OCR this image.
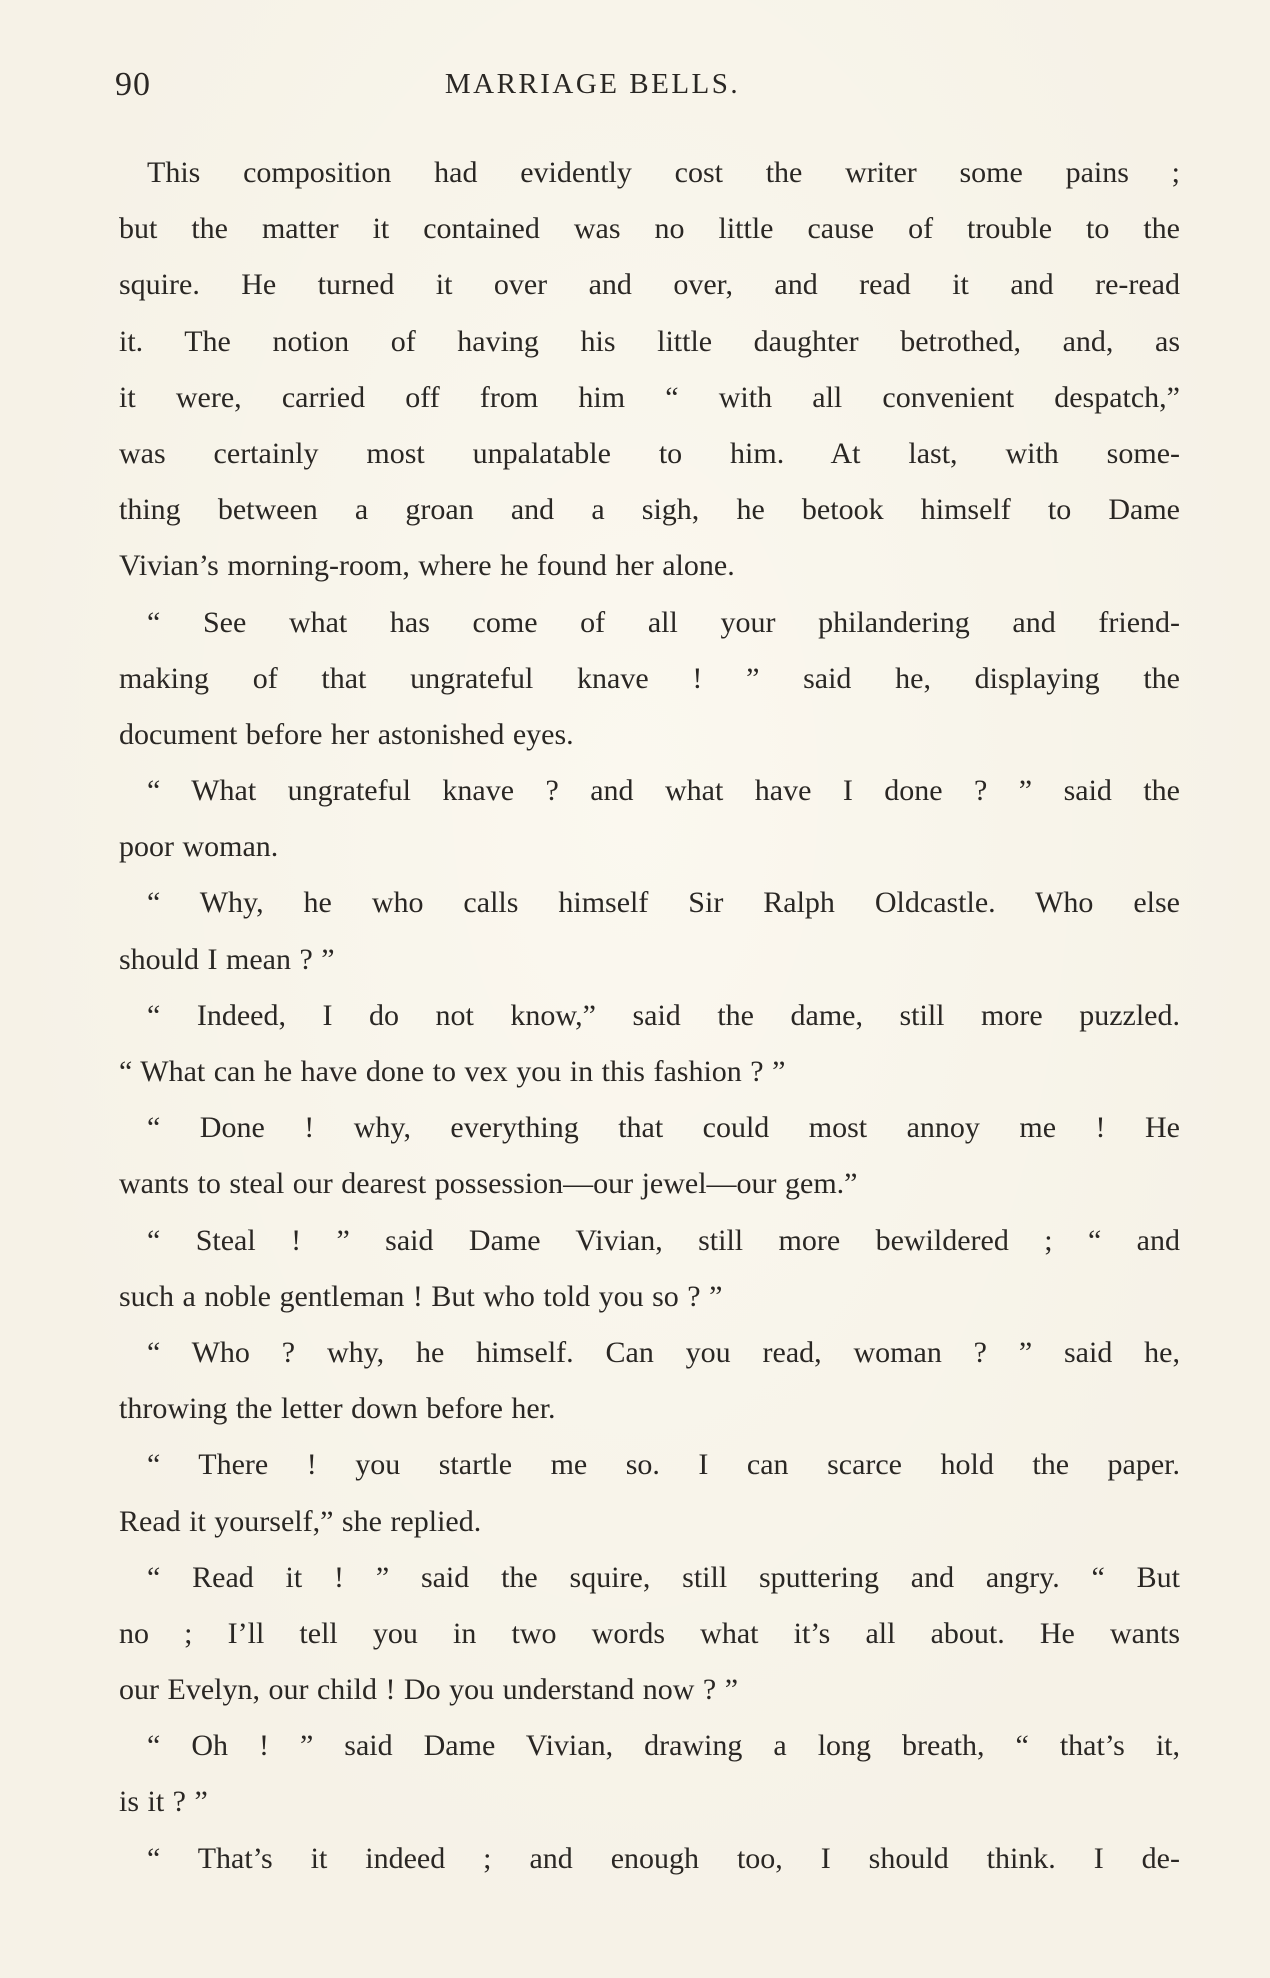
90	MARRIAGE BELLS.
This composition had evidently cost the writer some pains ;
but the matter it contained was no little cause of trouble to the
squire. He turned it over and over, and read it and re-read
it. The notion of having his little daughter betrothed, and, as
it were, carried off from him “ with all convenient despatch,”
was certainly most unpalatable to him. At last, with some-
thing between a groan and a sigh, he betook himself to Dame
Vivian’s morning-room, where he found her alone.
“ See what has come of all your philandering and friend-
making of that ungrateful knave ! ” said he, displaying the
document before her astonished eyes.
“ What ungrateful knave ? and what have I done ? ” said the
poor woman.
“ Why, he who calls himself Sir Ralph Oldcastle. Who else
should I mean ? ”
“ Indeed, I do not know,” said the dame, still more puzzled.
“ What can he have done to vex you in this fashion ? ”
“ Done ! why, everything that could most annoy me ! He
wants to steal our dearest possession—our jewel—our gem.”
“ Steal ! ” said Dame Vivian, still more bewildered ; “ and
such a noble gentleman ! But who told you so ? ”
“ Who ? why, he himself. Can you read, woman ? ” said he,
throwing the letter down before her.
“ There ! you startle me so. I can scarce hold the paper.
Read it yourself,” she replied.
“ Read it ! ” said the squire, still sputtering and angry. “ But
no ; I’ll tell you in two words what it’s all about. He wants
our Evelyn, our child ! Do you understand now ? ”
“ Oh ! ” said Dame Vivian, drawing a long breath, “ that’s it,
is it ? ”
“ That’s it indeed ; and enough too, I should think. I de-
